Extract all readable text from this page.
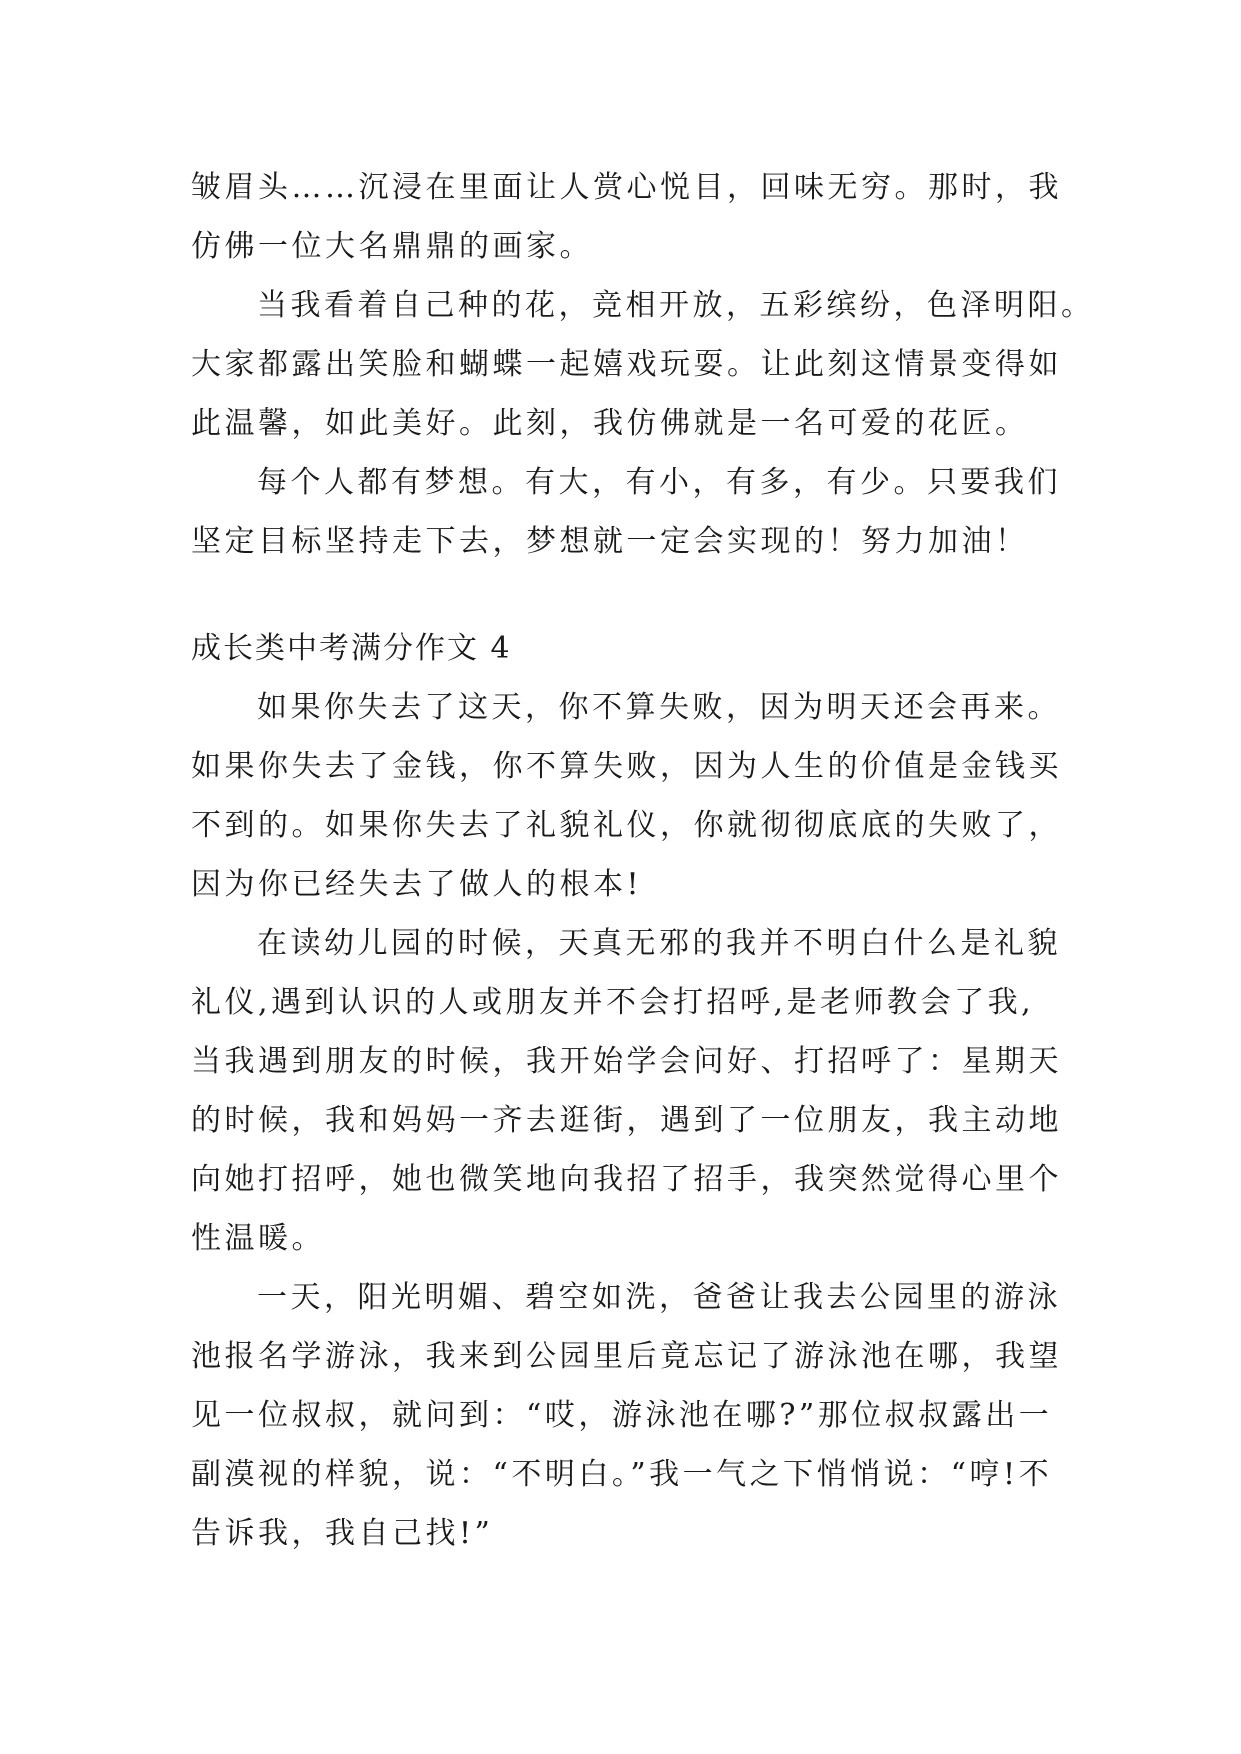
皱眉头……沉浸在里面让人赏心悦目，回味无穷。那时，我
仿佛一位大名鼎鼎的画家。
当我看着自己种的花，竞相开放，五彩缤纷，色泽明阳。
大家都露出笑脸和蝴蝶一起嬉戏玩耍。让此刻这情景变得如
此温馨，如此美好。此刻，我仿佛就是一名可爱的花匠。
每个人都有梦想。有大，有小，有多，有少。只要我们
坚定目标坚持走下去，梦想就一定会实现的！努力加油！
成长类中考满分作文 4
如果你失去了这天，你不算失败，因为明天还会再来。
如果你失去了金钱，你不算失败，因为人生的价值是金钱买
不到的。如果你失去了礼貌礼仪，你就彻彻底底的失败了，
因为你已经失去了做人的根本!
在读幼儿园的时候，天真无邪的我并不明白什么是礼貌
礼仪,遇到认识的人或朋友并不会打招呼,是老师教会了我,
当我遇到朋友的时候，我开始学会问好、打招呼了：星期天
的时候，我和妈妈一齐去逛街，遇到了一位朋友，我主动地
向她打招呼，她也微笑地向我招了招手，我突然觉得心里个
性温暖。
一天，阳光明媚、碧空如洗，爸爸让我去公园里的游泳
池报名学游泳，我来到公园里后竟忘记了游泳池在哪，我望
见一位叔叔，就问到：“哎，游泳池在哪?”那位叔叔露出一
副漠视的样貌，说：“不明白。”我一气之下悄悄说：“哼!不
告诉我，我自己找!”
